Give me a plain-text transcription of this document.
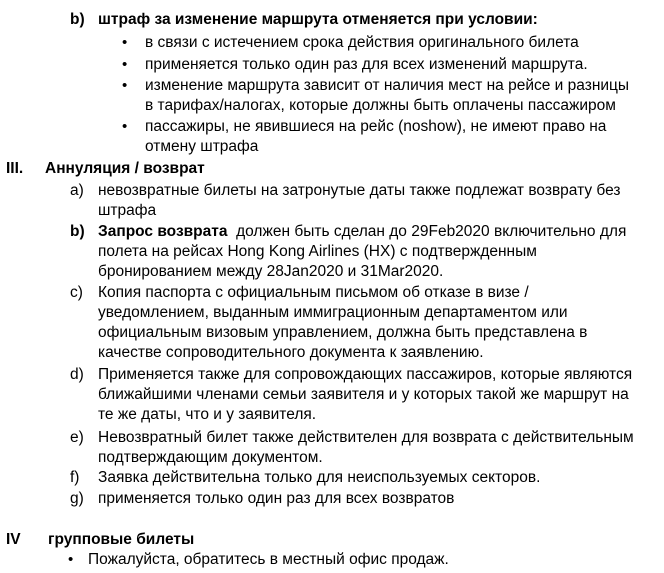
b) штраф за изменение маршрута отменяется при условии:
• в связи с истечением срока действия оригинального билета
• применяется только один раз для всех изменений маршрута.
• изменение маршрута зависит от наличия мест на рейсе и разницы
в тарифах/налогах, которые должны быть оплачены пассажиром
• пассажиры, не явившиеся на рейс (noshow), не имеют право на
отмену штрафа
III. Аннуляция / возврат
a) невозвратные билеты на затронутые даты также подлежат возврату без
штрафа
b) Запрос возврата должен быть сделан до 29Feb2020 включительно для
полета на рейсах Hong Kong Airlines (HX) с подтвержденным
бронированием между 28Jan2020 и 31Mar2020.
c) Копия паспорта с официальным письмом об отказе в визе /
уведомлением, выданным иммиграционным департаментом или
официальным визовым управлением, должна быть представлена в
качестве сопроводительного документа к заявлению.
d) Применяется также для сопровождающих пассажиров, которые являются
ближайшими членами семьи заявителя и у которых такой же маршрут на
те же даты, что и у заявителя.
e) Невозвратный билет также действителен для возврата с действительным
подтверждающим документом.
f) Заявка действительна только для неиспользуемых секторов.
g) применяется только один раз для всех возвратов
IV групповые билеты
• Пожалуйста, обратитесь в местный офис продаж.
